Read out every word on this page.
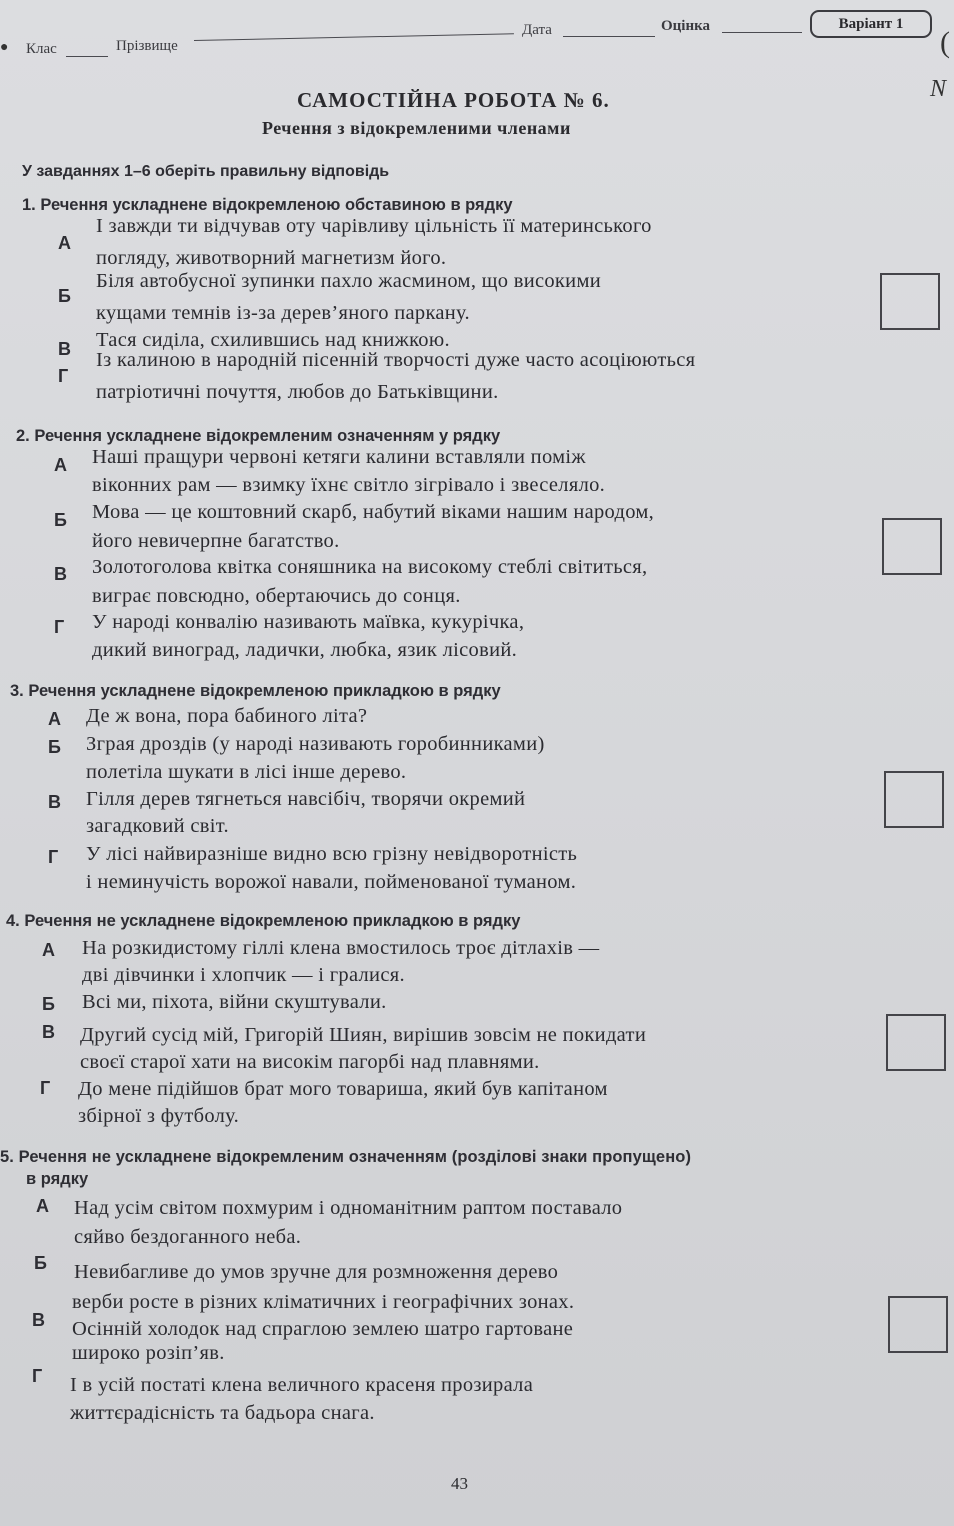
● Клас	Прізвище
Дата	Оцінка	Варіант 1
(
N
САМОСТІЙНА РОБОТА № 6.
Речення з відокремленими членами
У завданнях 1–6 оберіть правильну відповідь
1. Речення ускладнене відокремленою обставиною в рядку
А
І завжди ти відчував оту чарівливу цільність її материнського
погляду, животворний магнетизм його.
Б
Біля автобусної зупинки пахло жасмином, що високими
кущами темнів із-за дерев’яного паркану.
В Тася сиділа, схилившись над книжкою.
Г
Із калиною в народній пісенній творчості дуже часто асоціюються
патріотичні почуття, любов до Батьківщини.
2. Речення ускладнене відокремленим означенням у рядку
А Наші пращури червоні кетяги калини вставляли поміж
віконних рам — взимку їхнє світло зігрівало і звеселяло.
Б Мова — це коштовний скарб, набутий віками нашим народом,
його невичерпне багатство.
В Золотоголова квітка соняшника на високому стеблі світиться,
виграє повсюдно, обертаючись до сонця.
Г У народі конвалію називають маївка, кукурічка,
дикий виноград, ладички, любка, язик лісовий.
3. Речення ускладнене відокремленою прикладкою в рядку
А Де ж вона, пора бабиного літа?
Б Зграя дроздів (у народі називають горобинниками)
полетіла шукати в лісі інше дерево.
В Гілля дерев тягнеться навсібіч, творячи окремий
загадковий світ.
Г У лісі найвиразніше видно всю грізну невідворотність
і неминучість ворожої навали, пойменованої туманом.
4. Речення не ускладнене відокремленою прикладкою в рядку
А На розкидистому гіллі клена вмостилось троє дітлахів —
дві дівчинки і хлопчик — і гралися.
Б Всі ми, піхота, війни скуштували.
В Другий сусід мій, Григорій Шиян, вирішив зовсім не покидати
своєї старої хати на високім пагорбі над плавнями.
Г До мене підійшов брат мого товариша, який був капітаном
збірної з футболу.
5. Речення не ускладнене відокремленим означенням (розділові знаки пропущено)
в рядку
А Над усім світом похмурим і одноманітним раптом поставало
сяйво бездоганного неба.
Б Невибагливе до умов зручне для розмноження дерево
верби росте в різних кліматичних і географічних зонах.
В Осінній холодок над спраглою землею шатро гартоване
широко розіп’яв.
Г І в усій постаті клена величного красеня прозирала
життєрадісність та бадьора снага.
43
